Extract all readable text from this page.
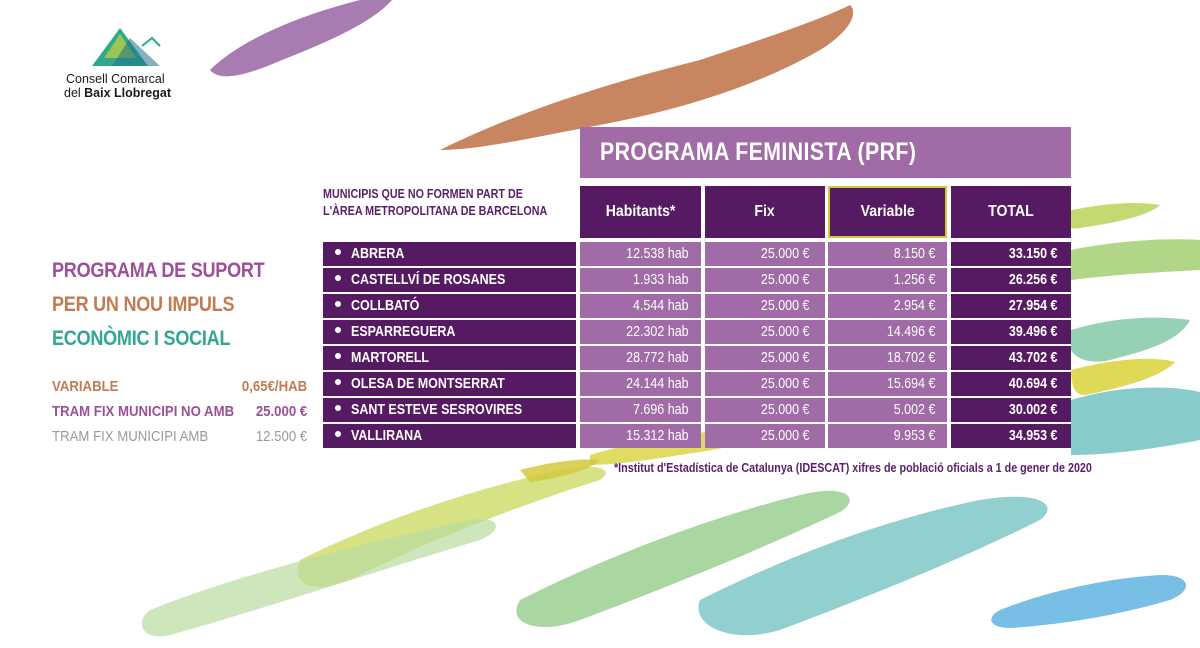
Consell Comarcal
del Baix Llobregat
PROGRAMA DE SUPORT
PER UN NOU IMPULS
ECONÒMIC I SOCIAL
VARIABLE	0,65€/HAB
TRAM FIX MUNICIPI NO AMB 25.000 €
TRAM FIX MUNICIPI AMB	12.500 €
PROGRAMA FEMINISTA (PRF)
MUNICIPIS QUE NO FORMEN PART DE
L'ÀREA METROPOLITANA DE BARCELONA	Habitants*	Fix	Variable	TOTAL
ABRERA	12.538 hab	25.000 €	8.150 €	33.150 €
CASTELLVÍ DE ROSANES	1.933 hab	25.000 €	1.256 €	26.256 €
COLLBATÓ	4.544 hab	25.000 €	2.954 €	27.954 €
ESPARREGUERA	22.302 hab	25.000 €	14.496 €	39.496 €
MARTORELL	28.772 hab	25.000 €	18.702 €	43.702 €
OLESA DE MONTSERRAT	24.144 hab	25.000 €	15.694 €	40.694 €
SANT ESTEVE SESROVIRES	7.696 hab	25.000 €	5.002 €	30.002 €
VALLIRANA	15.312 hab	25.000 €	9.953 €	34.953 €
*Institut d'Estadística de Catalunya (IDESCAT) xifres de població oficials a 1 de gener de 2020
